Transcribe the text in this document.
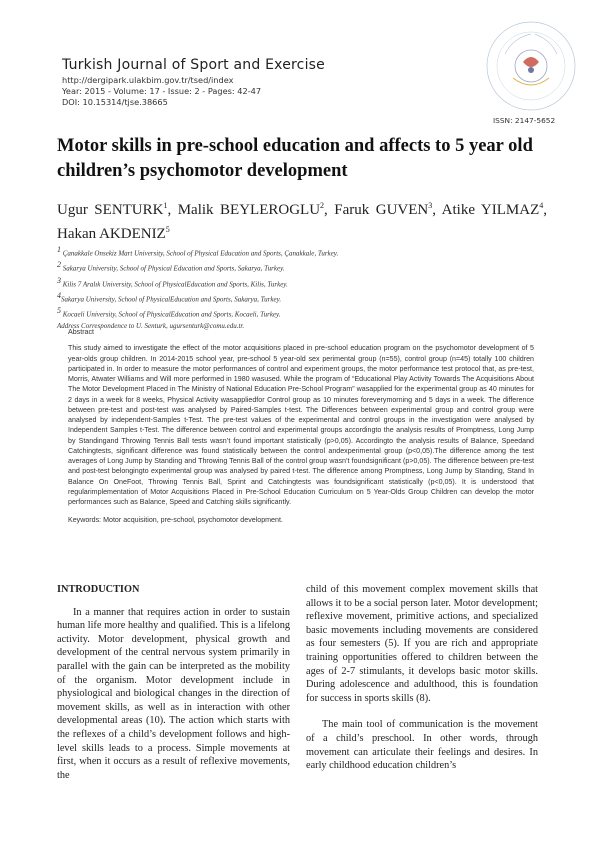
Turkish Journal of Sport and Exercise
http://dergipark.ulakbim.gov.tr/tsed/index
Year: 2015 - Volume: 17 - Issue: 2 - Pages: 42-47
DOI: 10.15314/tjse.38665
ISSN: 2147-5652
Motor skills in pre-school education and affects to 5 year old children’s psychomotor development

Ugur SENTURK$^1$, Malik BEYLEROGLU$^2$, Faruk GUVEN$^3$, Atike YILMAZ$^4$, Hakan AKDENIZ$^5$

$^1$ Çanakkale Onsekiz Mart University, School of Physical Education and Sports, Çanakkale, Turkey.

$^2$ Sakarya University, School of Physical Education and Sports, Sakarya, Turkey.

$^3$ Kilis 7 Aralık University, School of PhysicalEducation and Sports, Kilis, Turkey.

$^4$Sakarya University, School of PhysicalEducation and Sports, Sakarya, Turkey.

$^5$ Kocaeli University, School of PhysicalEducation and Sports, Kocaeli, Turkey.

Address Correspondence to U. Senturk, ugursenturk@comu.edu.tr.

Abstract

This study aimed to investigate the effect of the motor acquisitions placed in pre-school education program on the psychomotor development of 5 year-olds group children. In 2014-2015 school year, pre-school 5 year-old sex perimental group (n=55), control group (n=45) totally 100 children participated in. In order to measure the motor performances of control and experiment groups, the motor performance test protocol that, as pre-test, Morris, Atwater Williams and Will more performed in 1980 wasused. While the program of “Educational Play Activity Towards The Acquisitions About The Motor Development Placed in The Ministry of National Education Pre-School Program” wasapplied for the experimental group as 40 minutes for 2 days in a week for 8 weeks, Physical Activity wasappliedfor Control group as 10 minutes foreverymorning and 5 days in a week. The difference between pre-test and post-test was analysed by Paired-Samples t-test. The Differences between experimental group and control group were analysed by independent-Samples t-Test. The pre-test values of the experimental and control groups in the investigation were analysed by Independent Samples t-Test. The difference between control and experimental groups accordingto the analysis results of Promptness, Long Jump by Standingand Throwing Tennis Ball tests wasn’t found important statistically (p>0,05). Accordingto the analysis results of Balance, Speedand Catchingtests, significant difference was found statistically between the control andexperimental group (p<0,05).The difference among the test averages of Long Jump by Standing and Throwing Tennis Ball of the control group wasn’t foundsignificant (p>0,05). The difference between pre-test and post-test belongingto experimental group was analysed by paired t-test. The difference among Promptness, Long Jump by Standing, Stand In Balance On OneFoot, Throwing Tennis Ball, Sprint and Catchingtests was foundsignificant statistically (p<0,05). It is understood that regularimplementation of Motor Acquisitions Placed in Pre-School Education Curriculum on 5 Year-Olds Group Children can develop the motor performances such as Balance, Speed and Catching skills significantly.

Keywords: Motor acquisition, pre-school, psychomotor development.

INTRODUCTION

In a manner that requires action in order to sustain human life more healthy and qualified. This is a lifelong activity. Motor development, physical growth and development of the central nervous system primarily in parallel with the gain can be interpreted as the mobility of the organism. Motor development include in physiological and biological changes in the direction of movement skills, as well as in interaction with other developmental areas (10). The action which starts with the reflexes of a child’s development follows and high-level skills leads to a process. Simple movements at first, when it occurs as a result of reflexive movements, the

child of this movement complex movement skills that allows it to be a social person later. Motor development; reflexive movement, primitive actions, and specialized basic movements including movements are considered as four semesters (5). If you are rich and appropriate training opportunities offered to children between the ages of 2-7 stimulants, it develops basic motor skills. During adolescence and adulthood, this is foundation for success in sports skills (8).

The main tool of communication is the movement of a child’s preschool. In other words, through movement can articulate their feelings and desires. In early childhood education children’s
